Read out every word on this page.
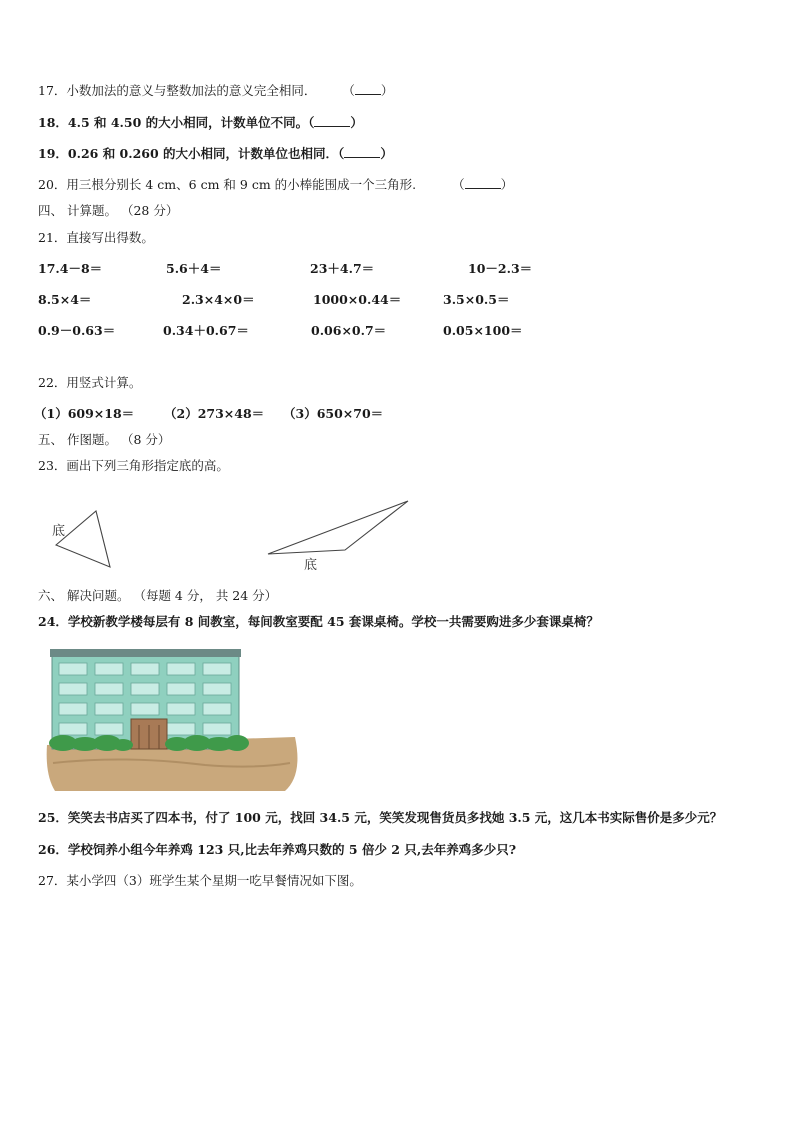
17．小数加法的意义与整数加法的意义完全相同． （ ）
18．4.5 和 4.50 的大小相同，计数单位不同。（	）
19．0.26 和 0.260 的大小相同，计数单位也相同．（	）
20．用三根分别长 4 cm、6 cm 和 9 cm 的小棒能围成一个三角形.	（	）
四、 计算题。 （28 分）
21．直接写出得数。
17.4－8＝	5.6＋4＝	23＋4.7＝	10－2.3＝
8.5×4＝	2.3×4×0＝	1000×0.44＝	3.5×0.5＝
0.9－0.63＝	0.34＋0.67＝	0.06×0.7＝	0.05×100＝
22．用竖式计算。
（1）609×18＝ （2）273×48＝ （3）650×70＝
五、 作图题。 （8 分）
23．画出下列三角形指定底的高。
底
底
六、 解决问题。 （每题 4 分， 共 24 分）
24．学校新教学楼每层有 8 间教室，每间教室要配 45 套课桌椅。学校一共需要购进多少套课桌椅？
25．笑笑去书店买了四本书，付了 100 元，找回 34.5 元，笑笑发现售货员多找她 3.5 元，这几本书实际售价是多少元？
26．学校饲养小组今年养鸡 123 只,比去年养鸡只数的 5 倍少 2 只,去年养鸡多少只?
27．某小学四（3）班学生某个星期一吃早餐情况如下图。
